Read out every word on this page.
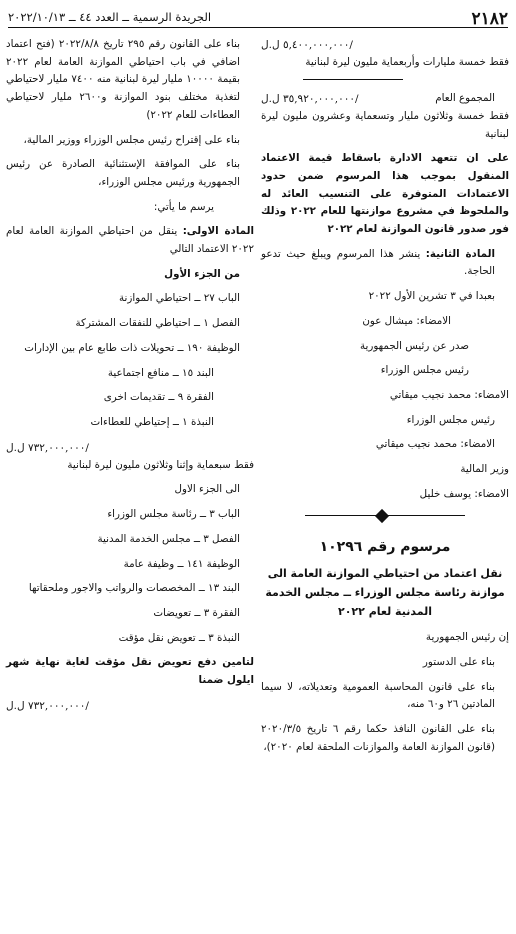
٢١٨٢
الجريدة الرسمية ــ العدد ٤٤ ــ ٢٠٢٢/١٠/١٣
٥,٤٠٠,٠٠٠,٠٠٠ ل.ل/
فقط خمسة مليارات وأربعماية مليون ليرة لبنانية
المجموع العام
٣٥,٩٢٠,٠٠٠,٠٠٠ ل.ل/
فقط خمسة وثلاثون مليار وتسعماية وعشرون مليون ليرة لبنانية
على ان تتعهد الادارة باسقاط قيمة الاعتماد المنقول بموجب هذا المرسوم ضمن حدود الاعتمادات المتوفرة على التنسيب العائد له والملحوظ في مشروع موازنتها للعام ٢٠٢٢ وذلك فور صدور قانون الموازنة لعام ٢٠٢٢
المادة الثانية: ينشر هذا المرسوم ويبلغ حيث تدعو الحاجة.
بعبدا في ٣ تشرين الأول ٢٠٢٢
الامضاء: ميشال عون
صدر عن رئيس الجمهورية
رئيس مجلس الوزراء
الامضاء: محمد نجيب ميقاتي
رئيس مجلس الوزراء
الامضاء: محمد نجيب ميقاتي
وزير المالية
الامضاء: يوسف خليل
مرسوم رقم ١٠٢٩٦
نقل اعتماد من احتياطي الموازنة العامة الى موازنة رئاسة مجلس الوزراء ــ مجلس الخدمة المدنية لعام ٢٠٢٢
إن رئيس الجمهورية
بناء على الدستور
بناء على قانون المحاسبة العمومية وتعديلاته، لا سيما المادتين ٢٦ و٦٠ منه،
بناء على القانون النافذ حكما رقم ٦ تاريخ ٢٠٢٠/٣/٥ (قانون الموازنة العامة والموازنات الملحقة لعام ٢٠٢٠)،
بناء على القانون رقم ٢٩٥ تاريخ ٢٠٢٢/٨/٨ (فتح اعتماد اضافي في باب احتياطي الموازنة العامة لعام ٢٠٢٢ بقيمة ١٠٠٠٠ مليار ليرة لبنانية منه ٧٤٠٠ مليار لاحتياطي لتغذية مختلف بنود الموازنة و٢٦٠٠ مليار لاحتياطي العطاءات للعام ٢٠٢٢)
بناء على إقتراح رئيس مجلس الوزراء ووزير المالية،
بناء على الموافقة الإستثنائية الصادرة عن رئيس الجمهورية ورئيس مجلس الوزراء،
يرسم ما يأتي:
المادة الاولى: ينقل من احتياطي الموازنة العامة لعام ٢٠٢٢ الاعتماد التالي
من الجزء الأول
الباب ٢٧ ــ احتياطي الموازنة
الفصل ١ ــ احتياطي للنفقات المشتركة
الوظيفة ١٩٠ ــ تحويلات ذات طابع عام بين الإدارات
البند ١٥ ــ منافع اجتماعية
الفقرة ٩ ــ تقديمات اخرى
النبذة ١ ــ إحتياطي للعطاءات
٧٣٢,٠٠٠,٠٠٠ ل.ل/
فقط سبعماية وإثنا وثلاثون مليون ليرة لبنانية
الى الجزء الاول
الباب ٣ ــ رئاسة مجلس الوزراء
الفصل ٣ ــ مجلس الخدمة المدنية
الوظيفة ١٤١ ــ وظيفة عامة
البند ١٣ ــ المخصصات والرواتب والاجور وملحقاتها
الفقرة ٣ ــ تعويضات
النبذة ٣ ــ تعويض نقل مؤقت
لتامين دفع تعويض نقل مؤقت لغاية نهاية شهر ايلول ضمنا
٧٣٢,٠٠٠,٠٠٠ ل.ل/
